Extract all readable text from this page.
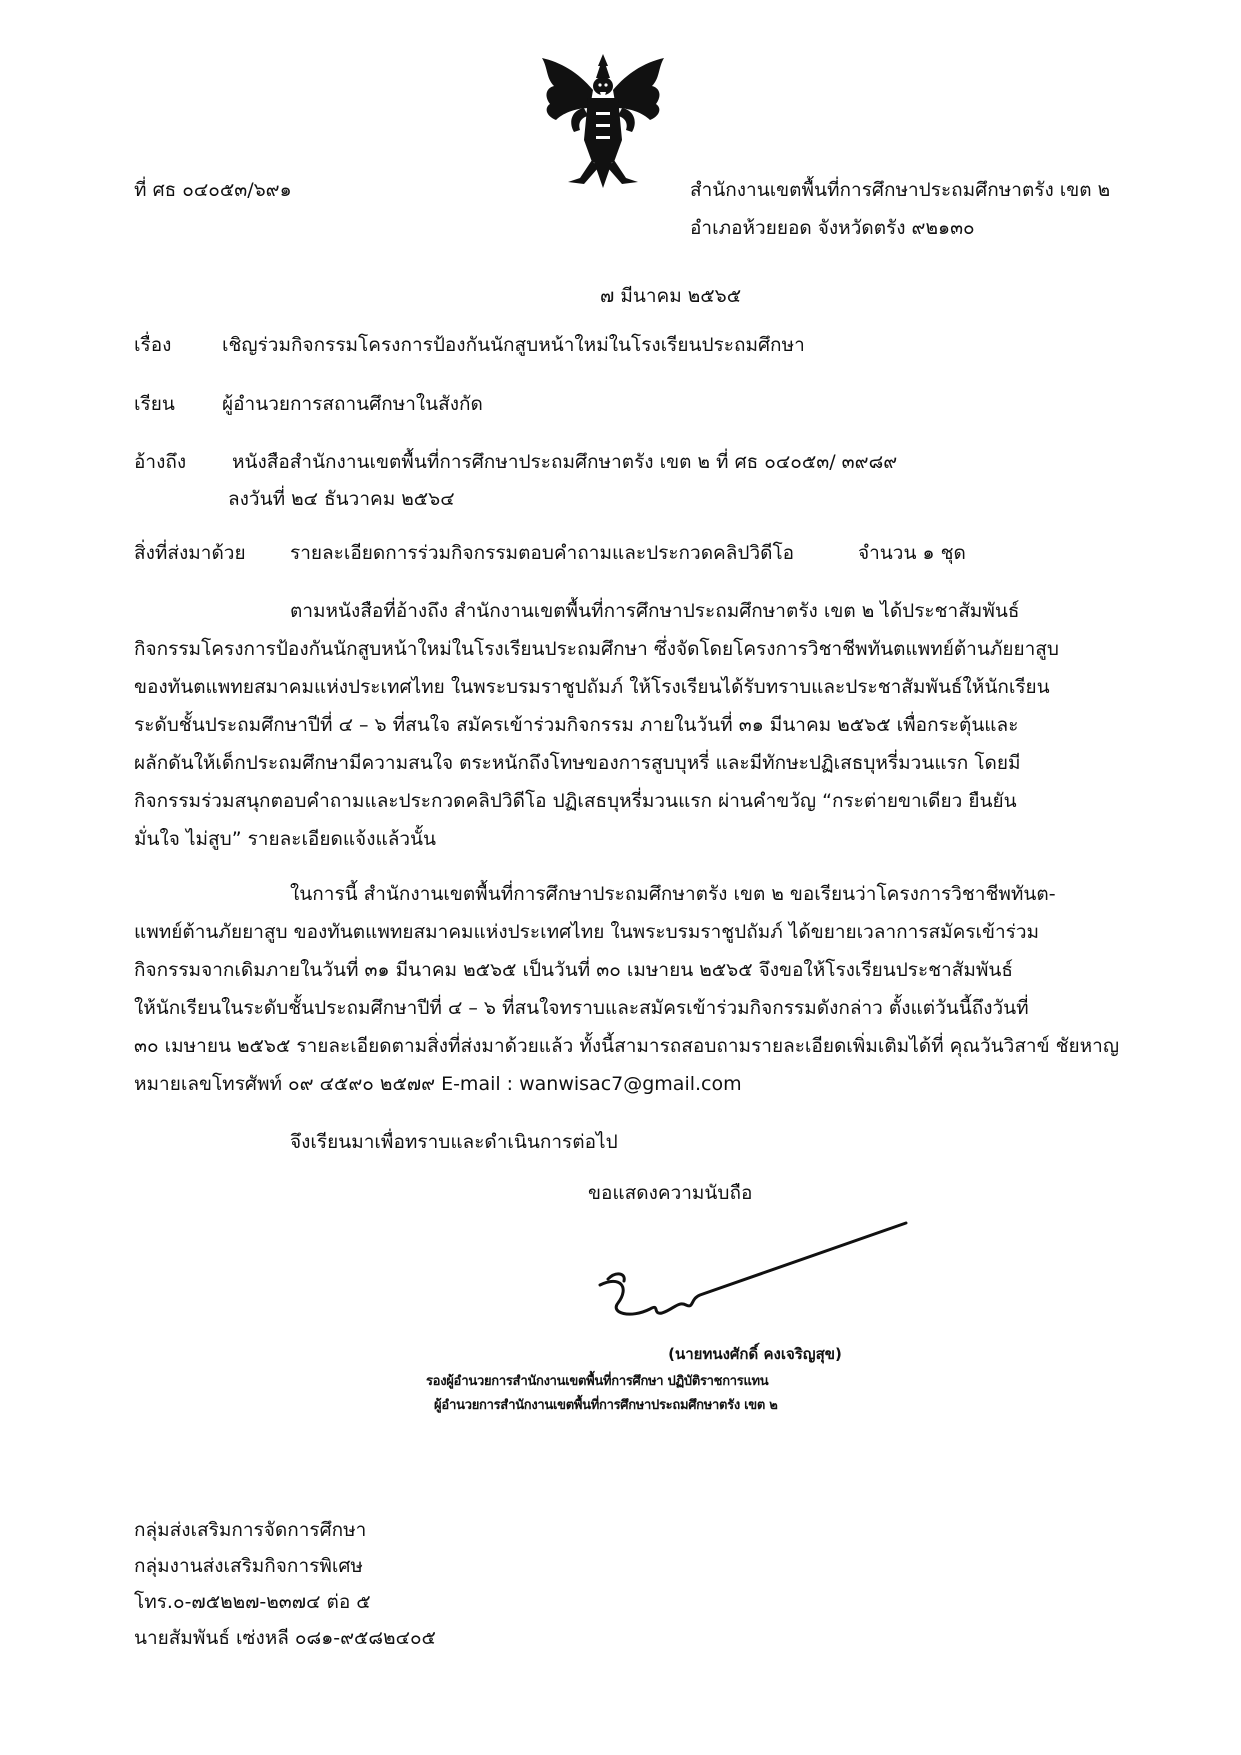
ที่ ศธ ๐๔๐๕๓/๖๙๑	สำนักงานเขตพื้นที่การศึกษาประถมศึกษาตรัง เขต ๒
อำเภอห้วยยอด จังหวัดตรัง ๙๒๑๓๐
๗ มีนาคม ๒๕๖๕
เรื่อง	เชิญร่วมกิจกรรมโครงการป้องกันนักสูบหน้าใหม่ในโรงเรียนประถมศึกษา
เรียน ผู้อำนวยการสถานศึกษาในสังกัด
อ้างถึง หนังสือสำนักงานเขตพื้นที่การศึกษาประถมศึกษาตรัง เขต ๒ ที่ ศธ ๐๔๐๕๓/ ๓๙๘๙
ลงวันที่ ๒๔ ธันวาคม ๒๕๖๔
สิ่งที่ส่งมาด้วย รายละเอียดการร่วมกิจกรรมตอบคำถามและประกวดคลิปวิดีโอ	จำนวน ๑ ชุด
ตามหนังสือที่อ้างถึง สำนักงานเขตพื้นที่การศึกษาประถมศึกษาตรัง เขต ๒ ได้ประชาสัมพันธ์
กิจกรรมโครงการป้องกันนักสูบหน้าใหม่ในโรงเรียนประถมศึกษา ซึ่งจัดโดยโครงการวิชาชีพทันตแพทย์ต้านภัยยาสูบ
ของทันตแพทยสมาคมแห่งประเทศไทย ในพระบรมราชูปถัมภ์ ให้โรงเรียนได้รับทราบและประชาสัมพันธ์ให้นักเรียน
ระดับชั้นประถมศึกษาปีที่ ๔ – ๖ ที่สนใจ สมัครเข้าร่วมกิจกรรม ภายในวันที่ ๓๑ มีนาคม ๒๕๖๕ เพื่อกระตุ้นและ
ผลักดันให้เด็กประถมศึกษามีความสนใจ ตระหนักถึงโทษของการสูบบุหรี่ และมีทักษะปฏิเสธบุหรี่มวนแรก โดยมี
กิจกรรมร่วมสนุกตอบคำถามและประกวดคลิปวิดีโอ ปฏิเสธบุหรี่มวนแรก ผ่านคำขวัญ “กระต่ายขาเดียว ยืนยัน
มั่นใจ ไม่สูบ” รายละเอียดแจ้งแล้วนั้น
ในการนี้ สำนักงานเขตพื้นที่การศึกษาประถมศึกษาตรัง เขต ๒ ขอเรียนว่าโครงการวิชาชีพทันต-
แพทย์ต้านภัยยาสูบ ของทันตแพทยสมาคมแห่งประเทศไทย ในพระบรมราชูปถัมภ์ ได้ขยายเวลาการสมัครเข้าร่วม
กิจกรรมจากเดิมภายในวันที่ ๓๑ มีนาคม ๒๕๖๕ เป็นวันที่ ๓๐ เมษายน ๒๕๖๕ จึงขอให้โรงเรียนประชาสัมพันธ์
ให้นักเรียนในระดับชั้นประถมศึกษาปีที่ ๔ – ๖ ที่สนใจทราบและสมัครเข้าร่วมกิจกรรมดังกล่าว ตั้งแต่วันนี้ถึงวันที่
๓๐ เมษายน ๒๕๖๕ รายละเอียดตามสิ่งที่ส่งมาด้วยแล้ว ทั้งนี้สามารถสอบถามรายละเอียดเพิ่มเติมได้ที่ คุณวันวิสาข์ ชัยหาญ
หมายเลขโทรศัพท์ ๐๙ ๔๕๙๐ ๒๕๗๙ E-mail : wanwisac7@gmail.com
จึงเรียนมาเพื่อทราบและดำเนินการต่อไป
ขอแสดงความนับถือ
(นายทนงศักดิ์ คงเจริญสุข)
รองผู้อำนวยการสำนักงานเขตพื้นที่การศึกษา ปฏิบัติราชการแทน
ผู้อำนวยการสำนักงานเขตพื้นที่การศึกษาประถมศึกษาตรัง เขต ๒
กลุ่มส่งเสริมการจัดการศึกษา
กลุ่มงานส่งเสริมกิจการพิเศษ
โทร.๐-๗๕๒๒๗-๒๓๗๔ ต่อ ๕
นายสัมพันธ์ เซ่งหลี ๐๘๑-๙๕๘๒๔๐๕
